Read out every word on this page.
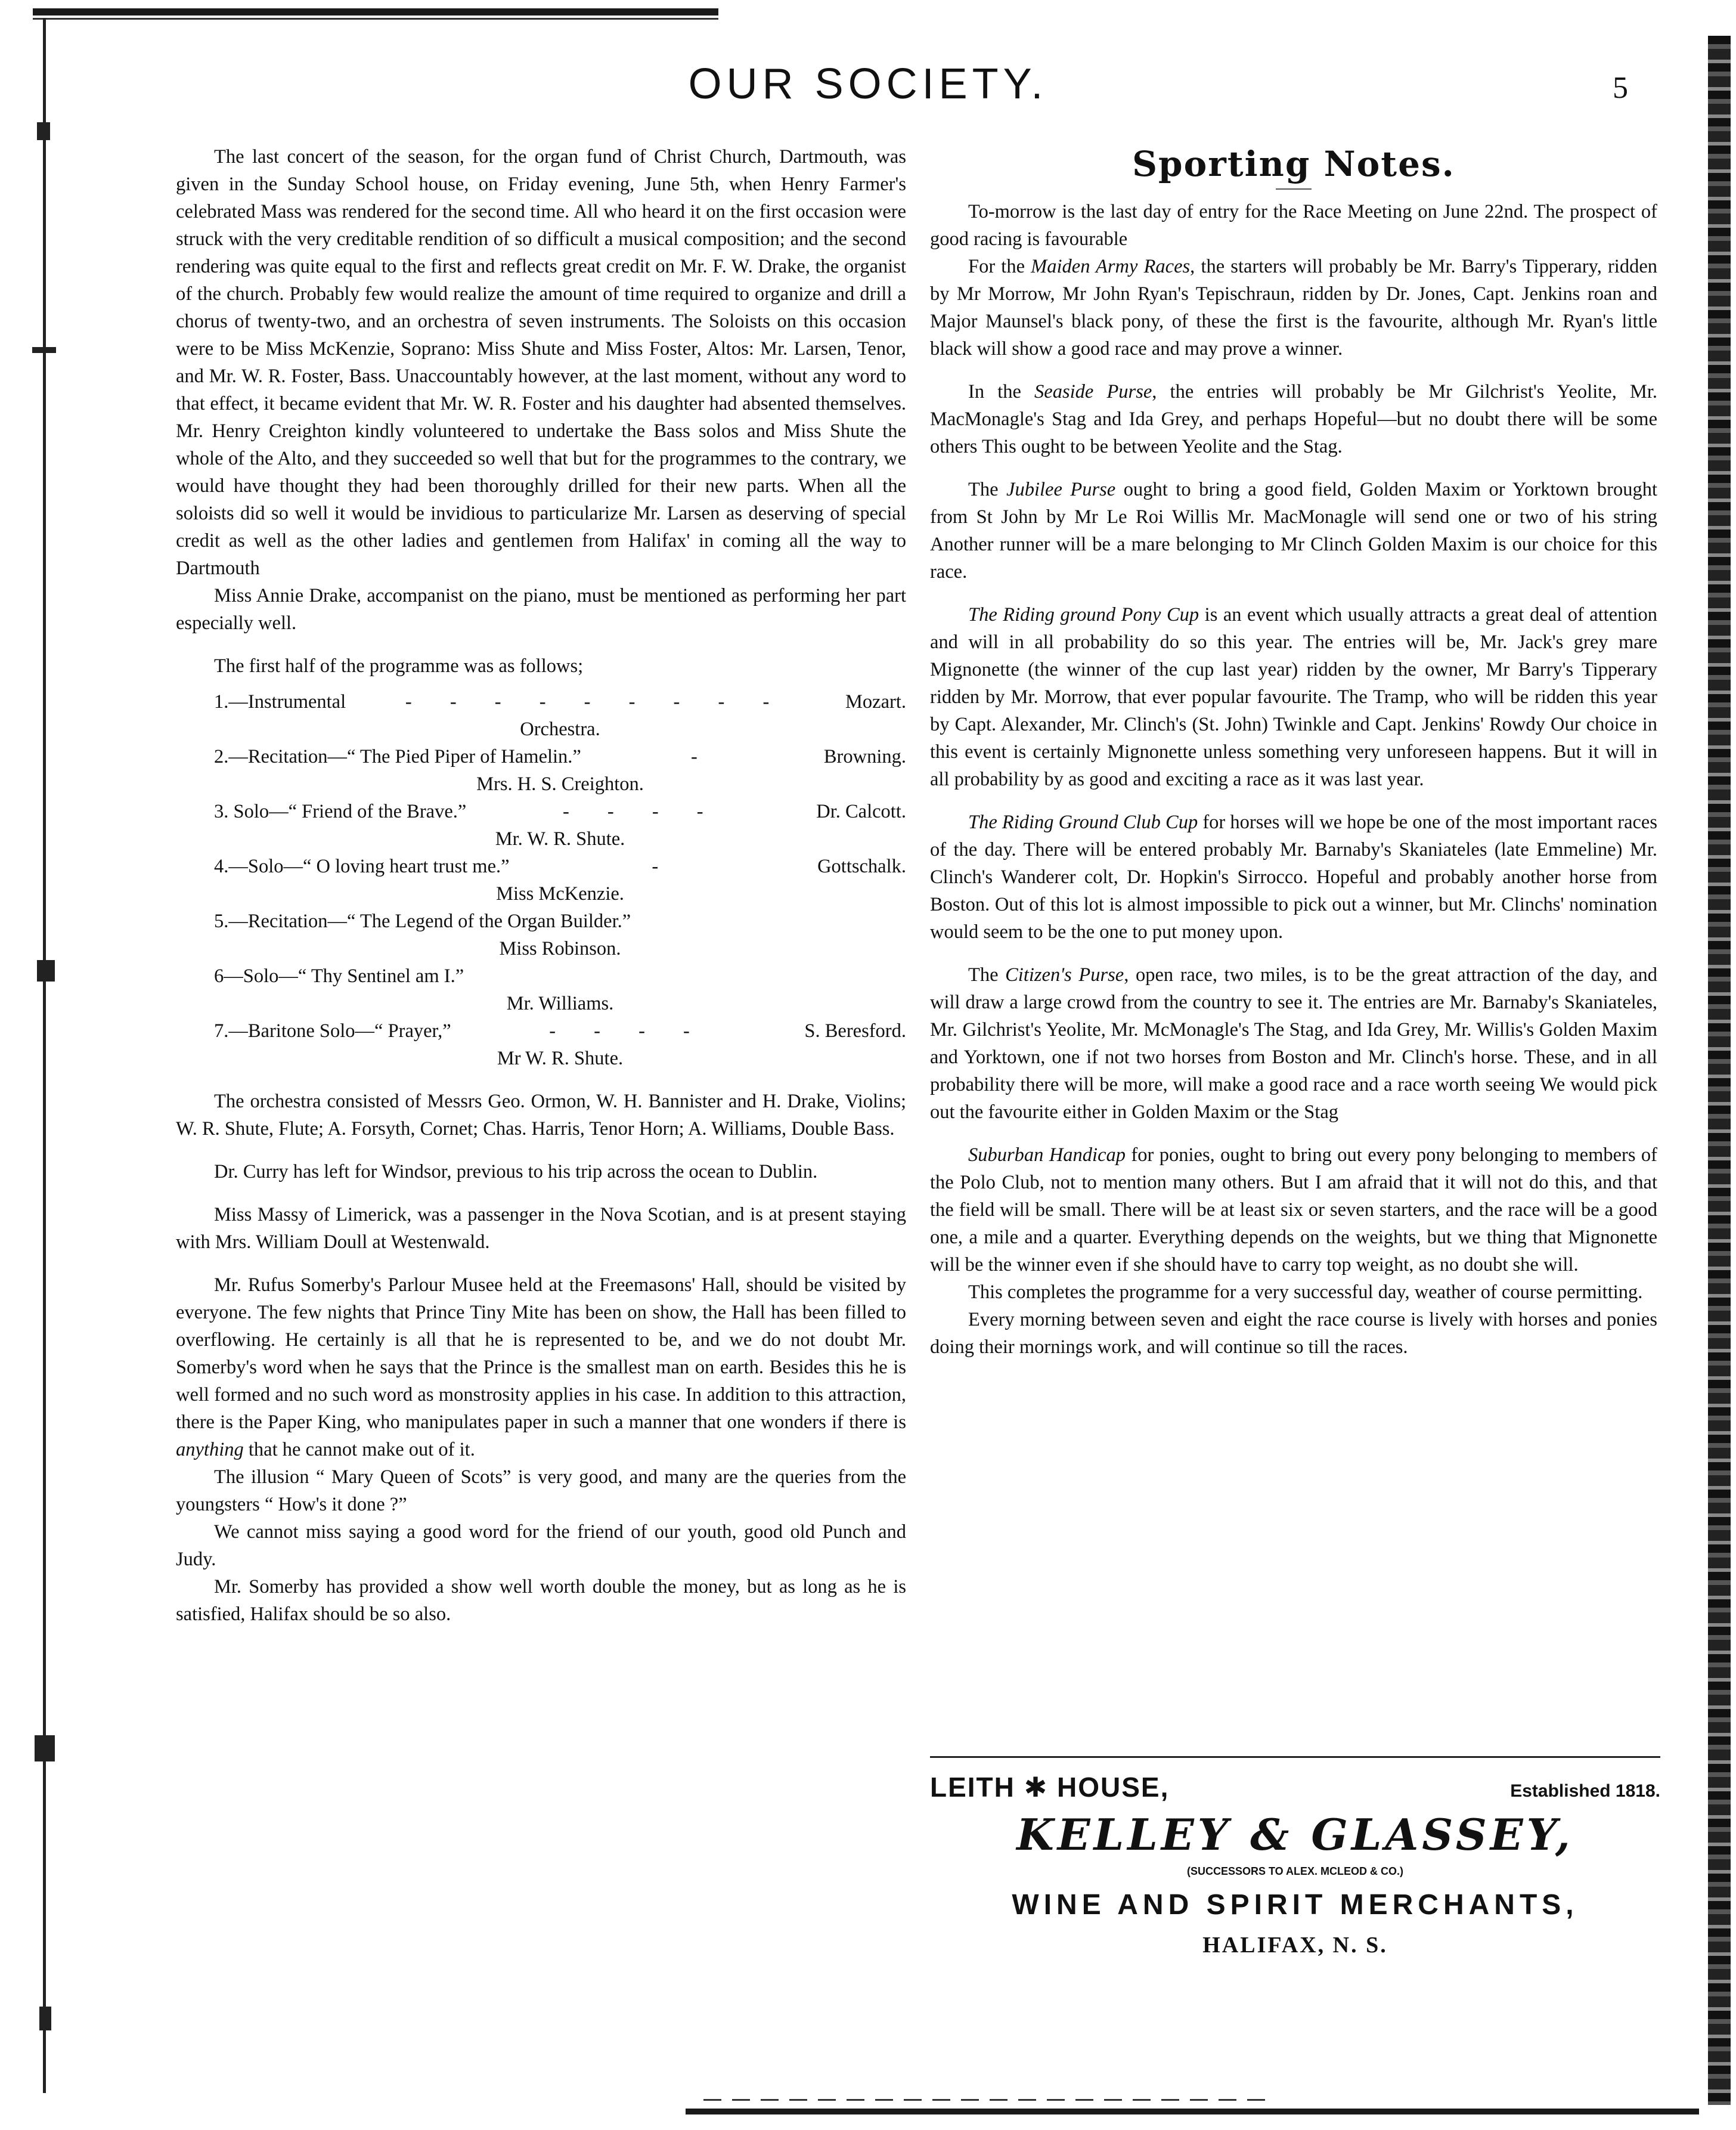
OUR SOCIETY.	5

The last concert of the season, for the organ fund of Christ Church, Dartmouth, was given in the Sunday School house, on Friday evening, June 5th, when Henry Farmer's celebrated Mass was rendered for the second time. All who heard it on the first occasion were struck with the very creditable rendition of so difficult a musical composition; and the second rendering was quite equal to the first and reflects great credit on Mr. F. W. Drake, the organist of the church. Probably few would realize the amount of time required to organize and drill a chorus of twenty-two, and an orchestra of seven instruments. The Soloists on this occasion were to be Miss McKenzie, Soprano: Miss Shute and Miss Foster, Altos: Mr. Larsen, Tenor, and Mr. W. R. Foster, Bass. Unaccountably however, at the last moment, without any word to that effect, it became evident that Mr. W. R. Foster and his daughter had absented themselves. Mr. Henry Creighton kindly volunteered to undertake the Bass solos and Miss Shute the whole of the Alto, and they succeeded so well that but for the programmes to the contrary, we would have thought they had been thoroughly drilled for their new parts. When all the soloists did so well it would be invidious to particularize Mr. Larsen as deserving of special credit as well as the other ladies and gentlemen from Halifax' in coming all the way to Dartmouth

Miss Annie Drake, accompanist on the piano, must be mentioned as performing her part especially well.

The first half of the programme was as follows;

1.—Instrumental	- - - - - - - - -	Mozart.
Orchestra.
2.—Recitation—“ The Pied Piper of Hamelin.”	-	Browning.
Mrs. H. S. Creighton.
3. Solo—“ Friend of the Brave.”	- - - -	Dr. Calcott.
Mr. W. R. Shute.
4.—Solo—“ O loving heart trust me.”	-	Gottschalk.
Miss McKenzie.
5.—Recitation—“ The Legend of the Organ Builder.”
Miss Robinson.
6—Solo—“ Thy Sentinel am I.”
Mr. Williams.
7.—Baritone Solo—“ Prayer,”	- - - -	S. Beresford.
Mr W. R. Shute.

The orchestra consisted of Messrs Geo. Ormon, W. H. Bannister and H. Drake, Violins; W. R. Shute, Flute; A. Forsyth, Cornet; Chas. Harris, Tenor Horn; A. Williams, Double Bass.

Dr. Curry has left for Windsor, previous to his trip across the ocean to Dublin.

Miss Massy of Limerick, was a passenger in the Nova Scotian, and is at present staying with Mrs. William Doull at Westenwald.

Mr. Rufus Somerby's Parlour Musee held at the Freemasons' Hall, should be visited by everyone. The few nights that Prince Tiny Mite has been on show, the Hall has been filled to overflowing. He certainly is all that he is represented to be, and we do not doubt Mr. Somerby's word when he says that the Prince is the smallest man on earth. Besides this he is well formed and no such word as monstrosity applies in his case. In addition to this attraction, there is the Paper King, who manipulates paper in such a manner that one wonders if there is anything that he cannot make out of it.

The illusion “ Mary Queen of Scots” is very good, and many are the queries from the youngsters “ How's it done ?”

We cannot miss saying a good word for the friend of our youth, good old Punch and Judy.

Mr. Somerby has provided a show well worth double the money, but as long as he is satisfied, Halifax should be so also.

Sporting Notes.

To-morrow is the last day of entry for the Race Meeting on June 22nd. The prospect of good racing is favourable

For the Maiden Army Races, the starters will probably be Mr. Barry's Tipperary, ridden by Mr Morrow, Mr John Ryan's Tepischraun, ridden by Dr. Jones, Capt. Jenkins roan and Major Maunsel's black pony, of these the first is the favourite, although Mr. Ryan's little black will show a good race and may prove a winner.

In the Seaside Purse, the entries will probably be Mr Gilchrist's Yeolite, Mr. MacMonagle's Stag and Ida Grey, and perhaps Hopeful—but no doubt there will be some others This ought to be between Yeolite and the Stag.

The Jubilee Purse ought to bring a good field, Golden Maxim or Yorktown brought from St John by Mr Le Roi Willis Mr. MacMonagle will send one or two of his string Another runner will be a mare belonging to Mr Clinch Golden Maxim is our choice for this race.

The Riding ground Pony Cup is an event which usually attracts a great deal of attention and will in all probability do so this year. The entries will be, Mr. Jack's grey mare Mignonette (the winner of the cup last year) ridden by the owner, Mr Barry's Tipperary ridden by Mr. Morrow, that ever popular favourite. The Tramp, who will be ridden this year by Capt. Alexander, Mr. Clinch's (St. John) Twinkle and Capt. Jenkins' Rowdy Our choice in this event is certainly Mignonette unless something very unforeseen happens. But it will in all probability by as good and exciting a race as it was last year.

The Riding Ground Club Cup for horses will we hope be one of the most important races of the day. There will be entered probably Mr. Barnaby's Skaniateles (late Emmeline) Mr. Clinch's Wanderer colt, Dr. Hopkin's Sirrocco. Hopeful and probably another horse from Boston. Out of this lot is almost impossible to pick out a winner, but Mr. Clinchs' nomination would seem to be the one to put money upon.

The Citizen's Purse, open race, two miles, is to be the great attraction of the day, and will draw a large crowd from the country to see it. The entries are Mr. Barnaby's Skaniateles, Mr. Gilchrist's Yeolite, Mr. McMonagle's The Stag, and Ida Grey, Mr. Willis's Golden Maxim and Yorktown, one if not two horses from Boston and Mr. Clinch's horse. These, and in all probability there will be more, will make a good race and a race worth seeing We would pick out the favourite either in Golden Maxim or the Stag

Suburban Handicap for ponies, ought to bring out every pony belonging to members of the Polo Club, not to mention many others. But I am afraid that it will not do this, and that the field will be small. There will be at least six or seven starters, and the race will be a good one, a mile and a quarter. Everything depends on the weights, but we thing that Mignonette will be the winner even if she should have to carry top weight, as no doubt she will.

This completes the programme for a very successful day, weather of course permitting.

Every morning between seven and eight the race course is lively with horses and ponies doing their mornings work, and will continue so till the races.

LEITH ✱ HOUSE,	Established 1818.
KELLEY & GLASSEY,
(SUCCESSORS TO ALEX. MCLEOD & CO.)
WINE AND SPIRIT MERCHANTS,
HALIFAX, N. S.
